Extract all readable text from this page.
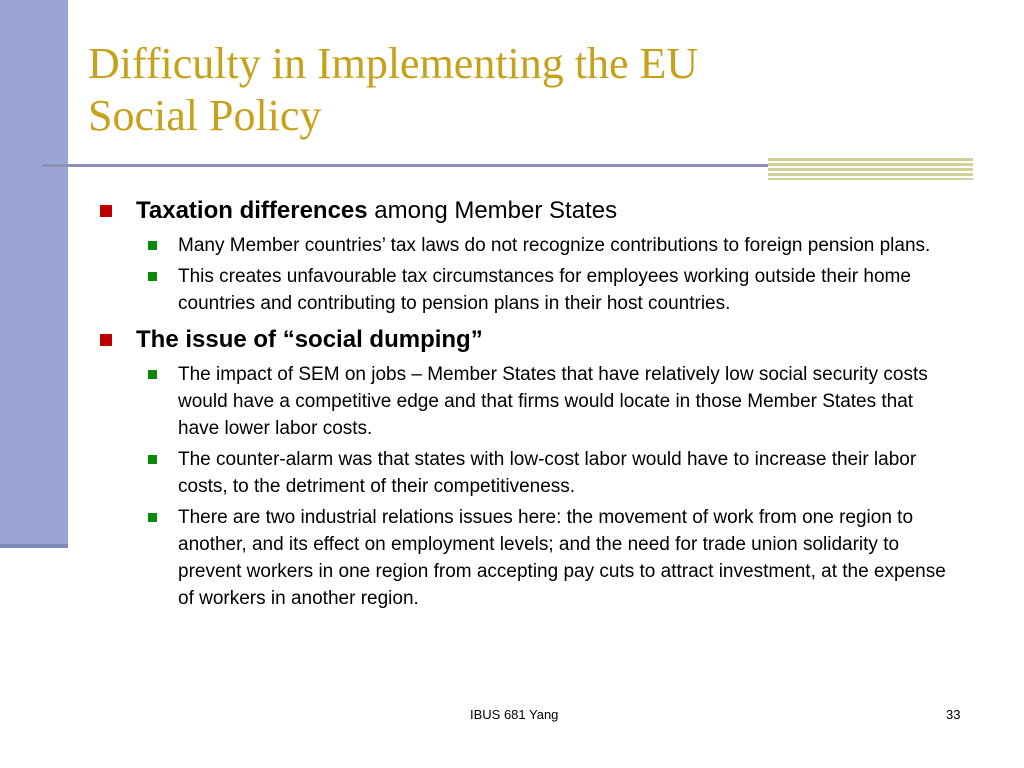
Difficulty in Implementing the EU
Social Policy
Taxation differences among Member States
Many Member countries’ tax laws do not recognize contributions to foreign pension plans.
This creates unfavourable tax circumstances for employees working outside their home countries and contributing to pension plans in their host countries.
The issue of “social dumping”
The impact of SEM on jobs – Member States that have relatively low social security costs would have a competitive edge and that firms would locate in those Member States that have lower labor costs.
The counter-alarm was that states with low-cost labor would have to increase their labor costs, to the detriment of their competitiveness.
There are two industrial relations issues here: the movement of work from one region to another, and its effect on employment levels; and the need for trade union solidarity to prevent workers in one region from accepting pay cuts to attract investment, at the expense of workers in another region.
IBUS 681 Yang	33
